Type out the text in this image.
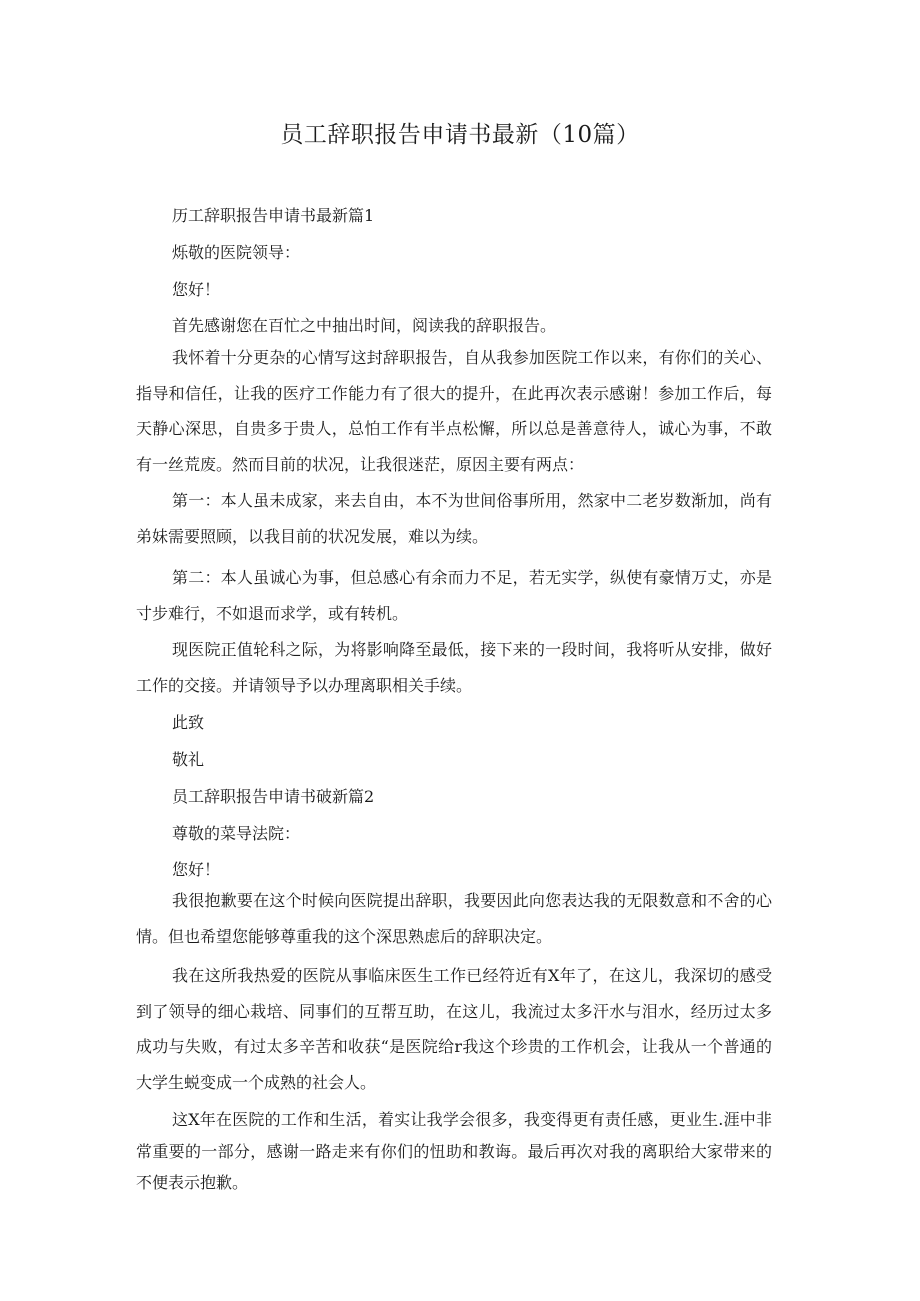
员工辞职报告申请书最新（10篇）
历工辞职报告申请书最新篇1
烁敬的医院领导：
您好！
首先感谢您在百忙之中抽出时间，阅读我的辞职报告。
我怀着十分更杂的心情写这封辞职报告，自从我参加医院工作以来，有你们的关心、指导和信任，让我的医疗工作能力有了很大的提升，在此再次表示感谢！参加工作后，每天静心深思，自贵多于贵人，总怕工作有半点松懈，所以总是善意待人，诚心为事，不敢有一丝荒废。然而目前的状况，让我很迷茫，原因主要有两点：
第一：本人虽未成家，来去自由，本不为世间俗事所用，然家中二老岁数渐加，尚有弟妹需要照顾，以我目前的状况发展，难以为续。
第二：本人虽诚心为事，但总感心有余而力不足，若无实学，纵使有豪情万丈，亦是寸步难行，不如退而求学，或有转机。
现医院正值轮科之际，为将影响降至最低，接下来的一段时间，我将听从安排，做好工作的交接。并请领导予以办理离职相关手续。
此致
敬礼
员工辞职报告申请书破新篇2
尊敬的菜导法院：
您好！
我很抱歉要在这个时候向医院提出辞职，我要因此向您表达我的无限数意和不舍的心情。但也希望您能够尊重我的这个深思熟虑后的辞职决定。
我在这所我热爱的医院从事临床医生工作已经符近有X年了，在这儿，我深切的感受到了领导的细心栽培、同事们的互帮互助，在这儿，我流过太多汗水与泪水，经历过太多成功与失败，有过太多辛苦和收获“是医院给r我这个珍贵的工作机会，让我从一个普通的大学生蜕变成一个成熟的社会人。
这X年在医院的工作和生活，着实让我学会很多，我变得更有责任感，更业生.涯中非常重要的一部分，感谢一路走来有你们的忸助和教诲。最后再次对我的离职给大家带来的不便表示抱歉。
